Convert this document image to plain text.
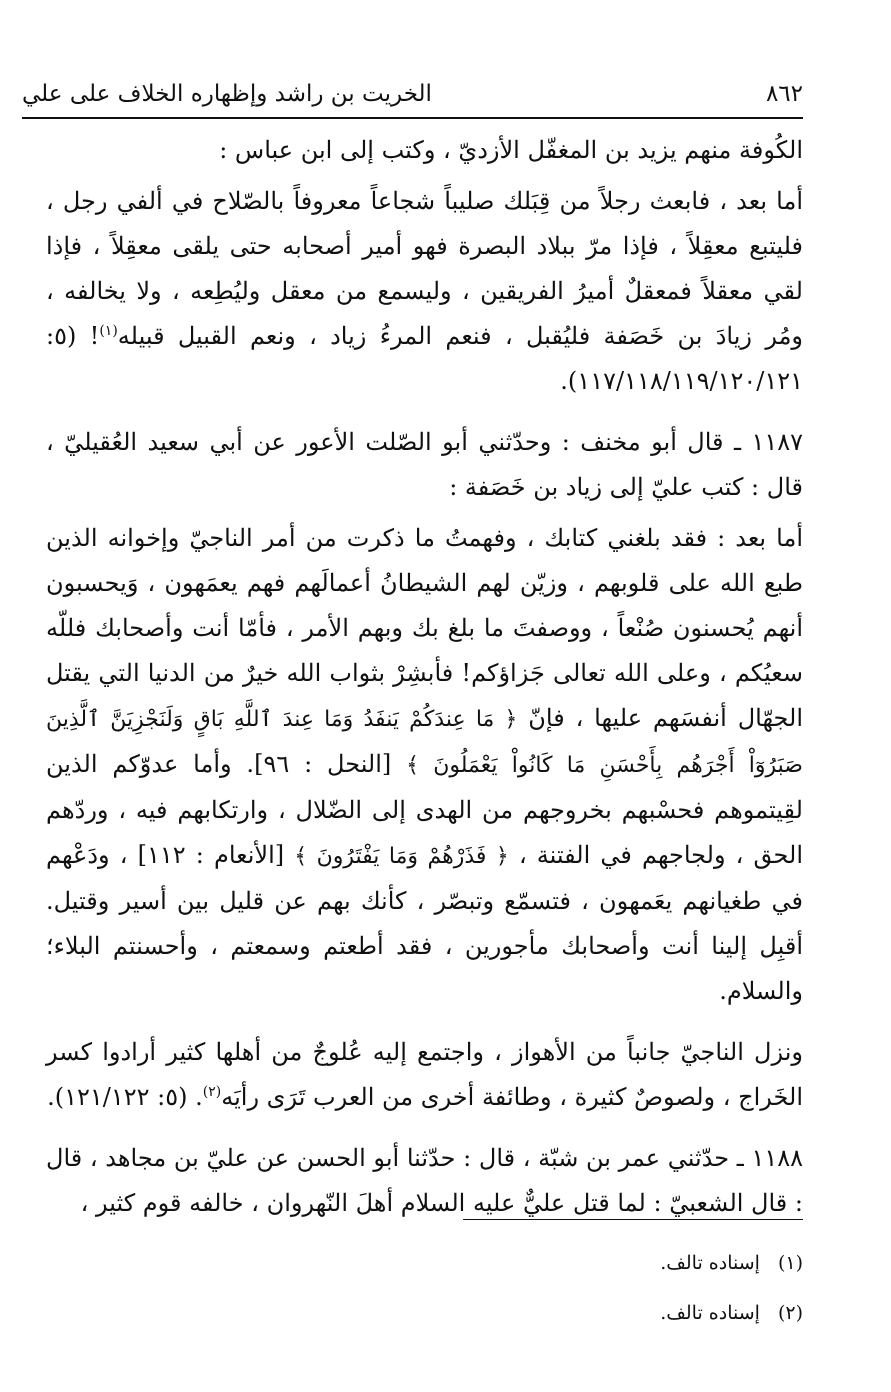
٨٦٢
الخريت بن راشد وإظهاره الخلاف على علي

الكُوفة منهم يزيد بن المغفّل الأزديّ ، وكتب إلى ابن عباس :

أما بعد ، فابعث رجلاً من قِبَلك صليباً شجاعاً معروفاً بالصّلاح في ألفي رجل ، فليتبع معقِلاً ، فإذا مرّ ببلاد البصرة فهو أمير أصحابه حتى يلقى معقِلاً ، فإذا لقي معقلاً فمعقلٌ أميرُ الفريقين ، وليسمع من معقل وليُطِعه ، ولا يخالفه ، ومُر زيادَ بن خَصَفة فليُقبل ، فنعم المرءُ زياد ، ونعم القبيل قبيله$^{(١)}$! (٥: ١١٧/١١٨/١١٩/١٢٠/١٢١).

١١٨٧ ـ قال أبو مخنف : وحدّثني أبو الصّلت الأعور عن أبي سعيد العُقيليّ ، قال : كتب عليّ إلى زياد بن خَصَفة :

أما بعد : فقد بلغني كتابك ، وفهمتُ ما ذكرت من أمر الناجيّ وإخوانه الذين طبع الله على قلوبهم ، وزيّن لهم الشيطانُ أعمالَهم فهم يعمَهون ، وَيحسبون أنهم يُحسنون صُنْعاً ، ووصفتَ ما بلغ بك وبهم الأمر ، فأمّا أنت وأصحابك فللّه سعيُكم ، وعلى الله تعالى جَزاؤكم! فأبشِرْ بثواب الله خيرٌ من الدنيا التي يقتل الجهّال أنفسَهم عليها ، فإنّ ﴿ مَا عِندَكُمْ يَنفَدُ وَمَا عِندَ ٱللَّهِ بَاقٍ وَلَنَجْزِيَنَّ ٱلَّذِينَ صَبَرُوٓاْ أَجْرَهُم بِأَحْسَنِ مَا كَانُواْ يَعْمَلُونَ ﴾ [النحل : ٩٦]. وأما عدوّكم الذين لقِيتموهم فحسْبهم بخروجهم من الهدى إلى الضّلال ، وارتكابهم فيه ، وردّهم الحق ، ولجاجهم في الفتنة ، ﴿ فَذَرْهُمْ وَمَا يَفْتَرُونَ ﴾ [الأنعام : ١١٢] ، ودَعْهم في طغيانهم يعَمهون ، فتسمّع وتبصّر ، كأنك بهم عن قليل بين أسير وقتيل. أقبِل إلينا أنت وأصحابك مأجورين ، فقد أطعتم وسمعتم ، وأحسنتم البلاء؛ والسلام.

ونزل الناجيّ جانباً من الأهواز ، واجتمع إليه عُلوجٌ من أهلها كثير أرادوا كسر الخَراج ، ولصوصٌ كثيرة ، وطائفة أخرى من العرب تَرَى رأيَه$^{(٢)}$. (٥: ١٢١/١٢٢).

١١٨٨ ـ حدّثني عمر بن شبّة ، قال : حدّثنا أبو الحسن عن عليّ بن مجاهد ، قال : قال الشعبيّ : لما قتل عليٌّ عليه السلام أهلَ النّهروان ، خالفه قوم كثير ،

(١)إسناده تالف.
(٢)إسناده تالف.
